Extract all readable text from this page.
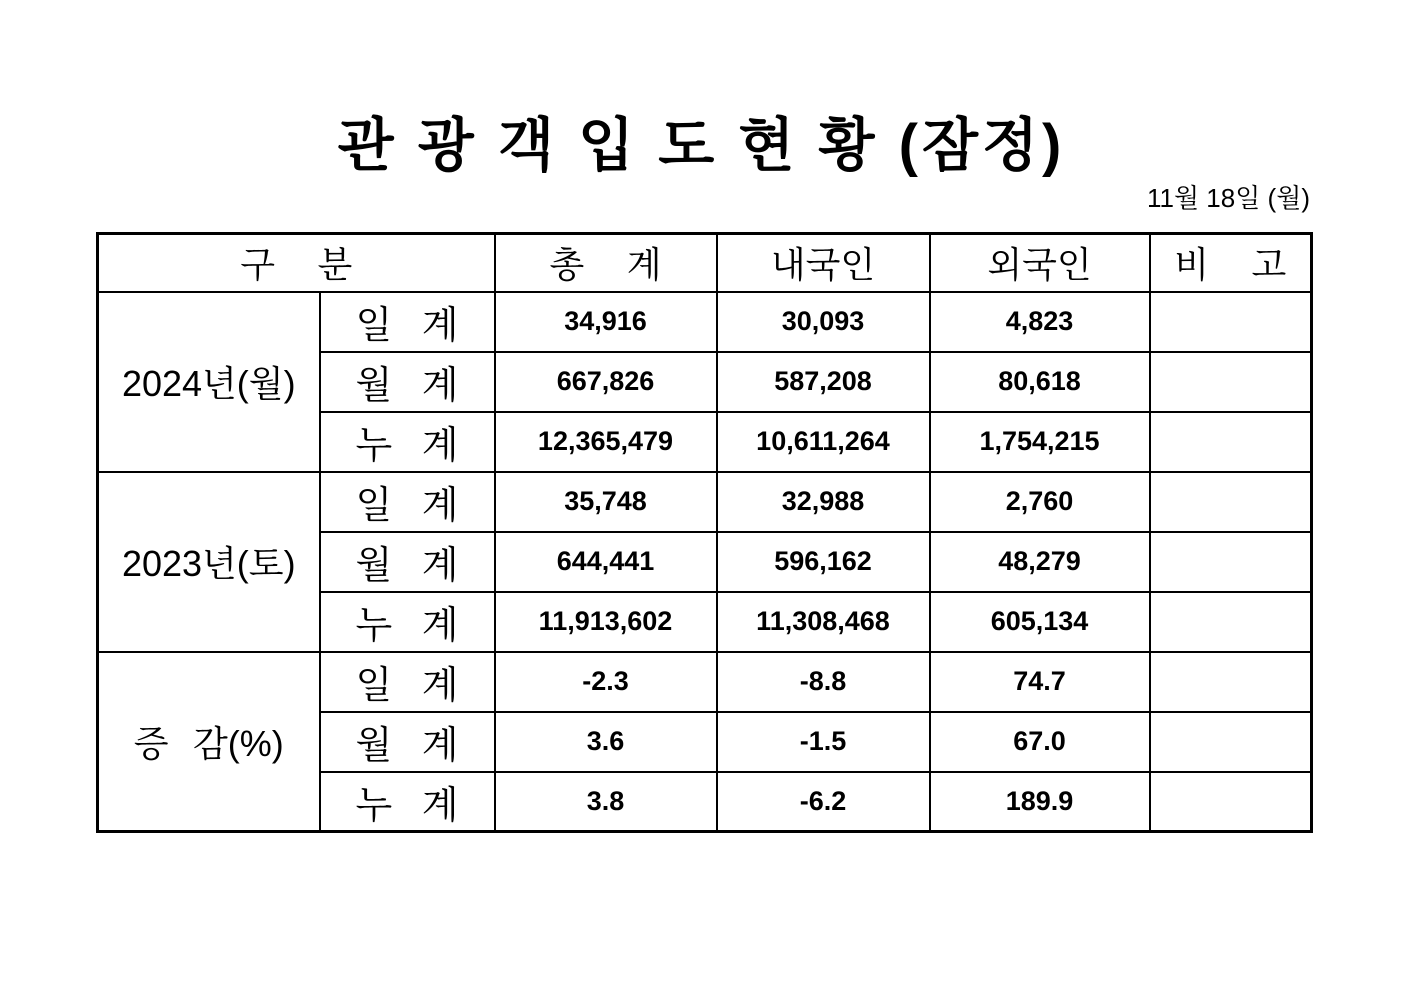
관 광 객 입 도 현 황 (잠정)
11월 18일 (월)
구 분		총 계	내국인	외국인	비 고
2024년(월)	일 계	34,916	30,093	4,823	
	월 계	667,826	587,208	80,618	
	누 계	12,365,479	10,611,264	1,754,215	
2023년(토)	일 계	35,748	32,988	2,760	
	월 계	644,441	596,162	48,279	
	누 계	11,913,602	11,308,468	605,134	
증 감(%)	일 계	-2.3	-8.8	74.7	
	월 계	3.6	-1.5	67.0	
	누 계	3.8	-6.2	189.9	
